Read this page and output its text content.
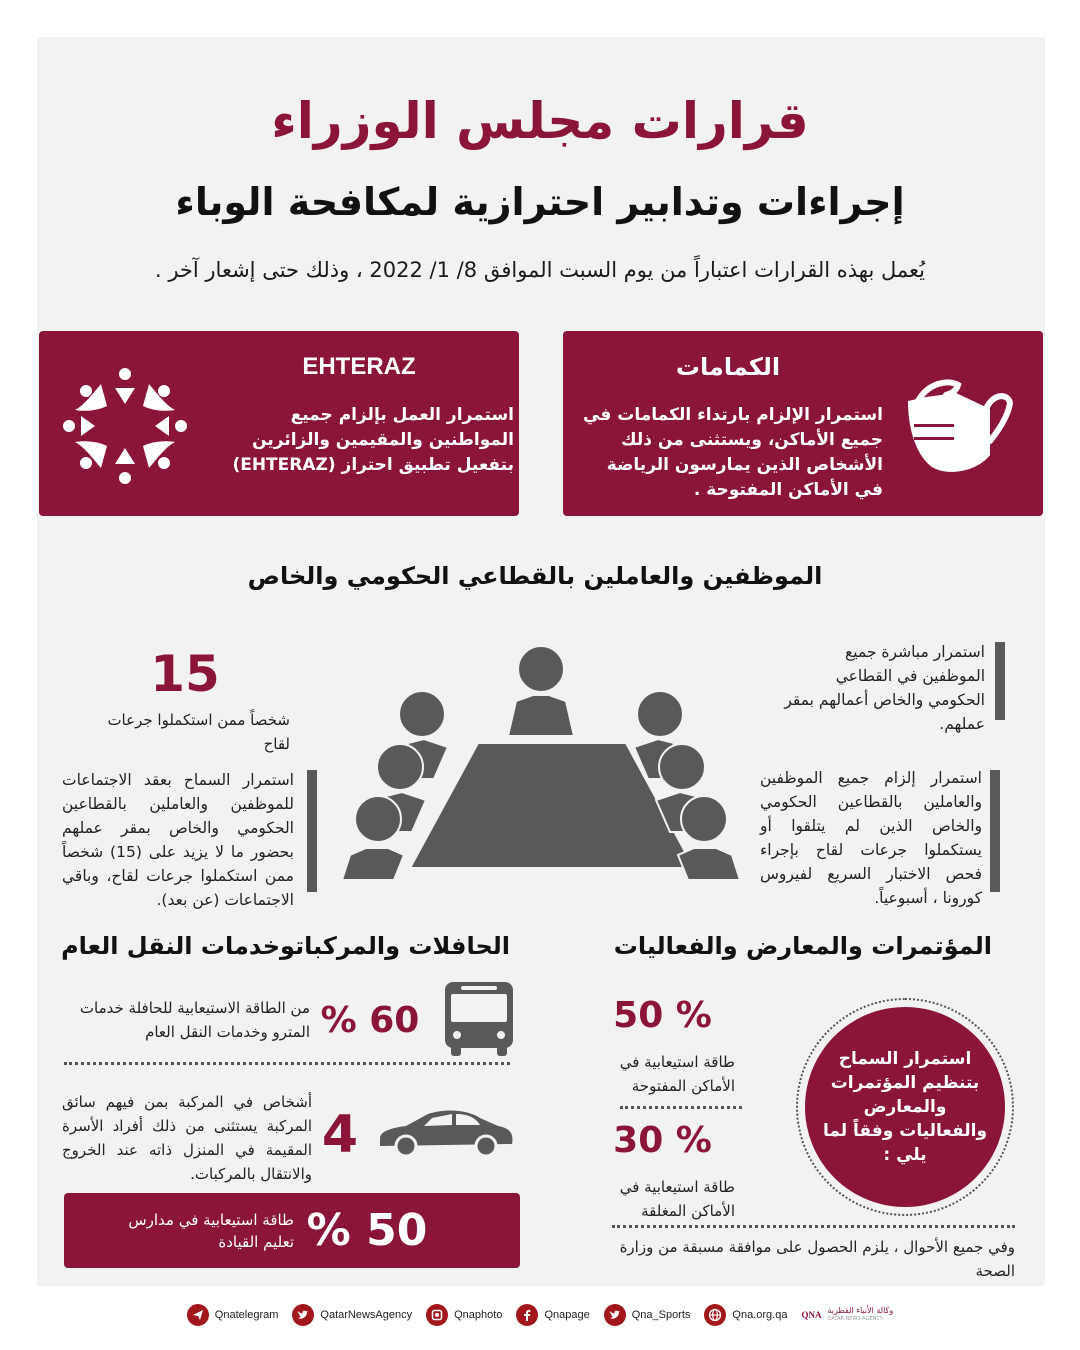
قرارات مجلس الوزراء
إجراءات وتدابير احترازية لمكافحة الوباء
يُعمل بهذه القرارات اعتباراً من يوم السبت الموافق 8/ 1/ 2022 ، وذلك حتى إشعار آخر .
الكمامات
استمرار الإلزام بارتداء الكمامات في جميع الأماكن، ويستثنى من ذلك الأشخاص الذين يمارسون الرياضة في الأماكن المفتوحة .
EHTERAZ
استمرار العمل بإلزام جميع المواطنين والمقيمين والزائرين بتفعيل تطبيق احتراز (EHTERAZ)
الموظفين والعاملين بالقطاعي الحكومي والخاص
استمرار مباشرة جميع الموظفين في القطاعي الحكومي والخاص أعمالهم بمقر عملهم.
استمرار إلزام جميع الموظفين والعاملين بالقطاعين الحكومي والخاص الذين لم يتلقوا أو يستكملوا جرعات لقاح بإجراء فحص الاختبار السريع لفيروس كورونا ، أسبوعياً.
15
شخصاً ممن استكملوا جرعات لقاح
استمرار السماح بعقد الاجتماعات للموظفين والعاملين بالقطاعين الحكومي والخاص بمقر عملهم بحضور ما لا يزيد على (15) شخصاً ممن استكملوا جرعات لقاح، وباقي الاجتماعات (عن بعد).
المؤتمرات والمعارض والفعاليات
استمرار السماح بتنظيم المؤتمرات والمعارض والفعاليات وفقاً لما يلي :
50 %
طاقة استيعابية في الأماكن المفتوحة
30 %
طاقة استيعابية في الأماكن المغلقة
وفي جميع الأحوال ، يلزم الحصول على موافقة مسبقة من وزارة الصحة
الحافلات والمركباتوخدمات النقل العام
60 %
من الطاقة الاستيعابية للحافلة خدمات المترو وخدمات النقل العام
4
أشخاص في المركبة بمن فيهم سائق المركبة يستثنى من ذلك أفراد الأسرة المقيمة في المنزل ذاته عند الخروج والانتقال بالمركبات.
50 %
طاقة استيعابية في مدارس تعليم القيادة
Qnatelegram	QatarNewsAgency	Qnaphoto	Qnapage	Qna_Sports	Qna.org.qa QNA وكالة الأنباء القطرية
QATAR NEWS AGENCY
